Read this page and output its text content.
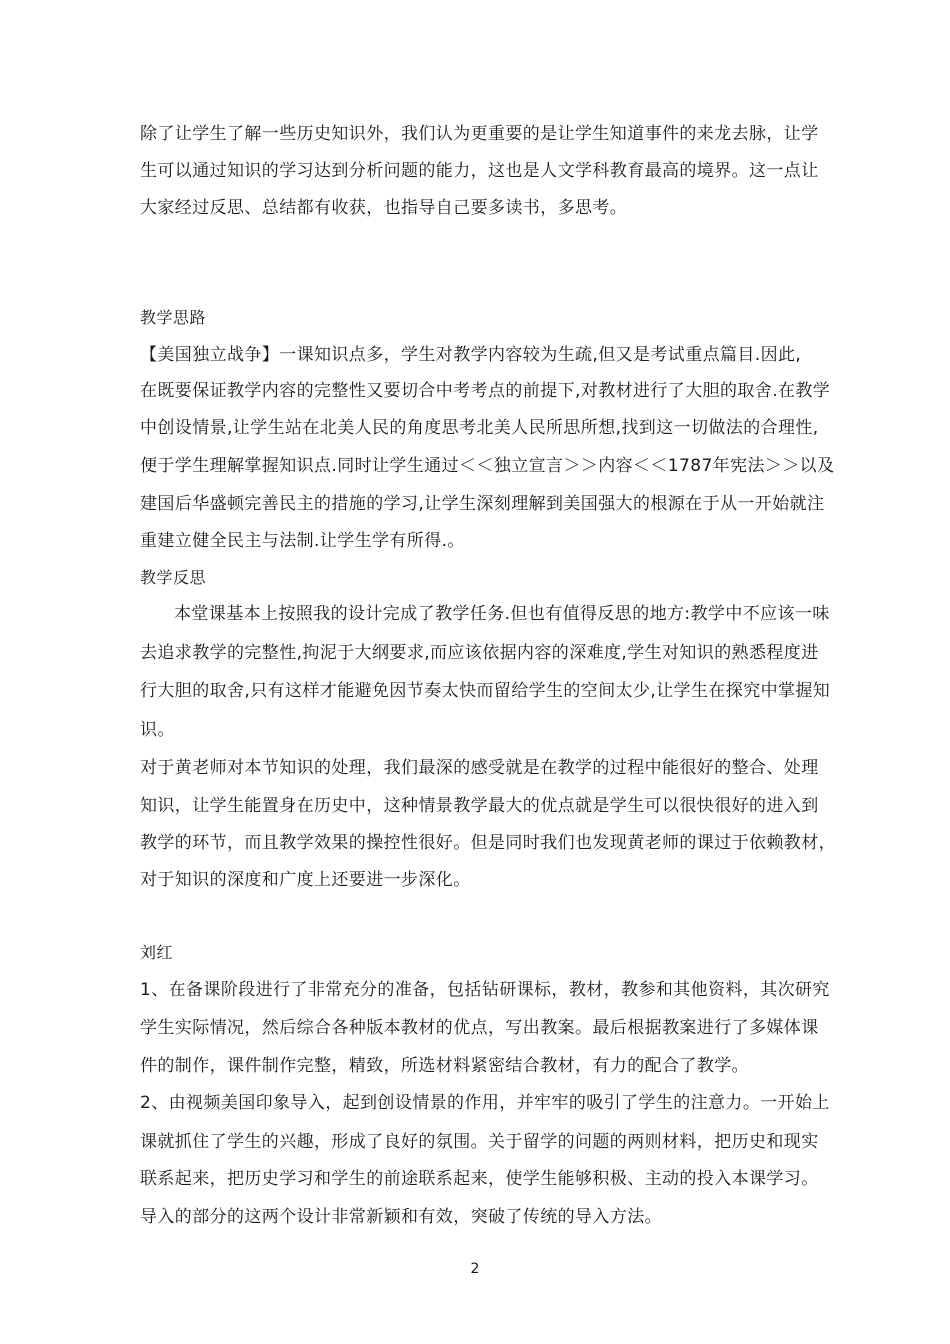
除了让学生了解一些历史知识外，我们认为更重要的是让学生知道事件的来龙去脉，让学
生可以通过知识的学习达到分析问题的能力，这也是人文学科教育最高的境界。这一点让
大家经过反思、总结都有收获，也指导自己要多读书，多思考。
教学思路
【美国独立战争】一课知识点多，学生对教学内容较为生疏,但又是考试重点篇目.因此,
在既要保证教学内容的完整性又要切合中考考点的前提下,对教材进行了大胆的取舍.在教学
中创设情景,让学生站在北美人民的角度思考北美人民所思所想,找到这一切做法的合理性,
便于学生理解掌握知识点.同时让学生通过＜＜独立宣言＞＞内容＜＜1787年宪法＞＞以及
建国后华盛顿完善民主的措施的学习,让学生深刻理解到美国强大的根源在于从一开始就注
重建立健全民主与法制.让学生学有所得.。
教学反思
本堂课基本上按照我的设计完成了教学任务.但也有值得反思的地方:教学中不应该一味
去追求教学的完整性,拘泥于大纲要求,而应该依据内容的深难度,学生对知识的熟悉程度进
行大胆的取舍,只有这样才能避免因节奏太快而留给学生的空间太少,让学生在探究中掌握知
识。
对于黄老师对本节知识的处理，我们最深的感受就是在教学的过程中能很好的整合、处理
知识，让学生能置身在历史中，这种情景教学最大的优点就是学生可以很快很好的进入到
教学的环节，而且教学效果的操控性很好。但是同时我们也发现黄老师的课过于依赖教材，
对于知识的深度和广度上还要进一步深化。
刘红
1、在备课阶段进行了非常充分的准备，包括钻研课标，教材，教参和其他资料，其次研究
学生实际情况，然后综合各种版本教材的优点，写出教案。最后根据教案进行了多媒体课
件的制作，课件制作完整，精致，所选材料紧密结合教材，有力的配合了教学。
2、由视频美国印象导入，起到创设情景的作用，并牢牢的吸引了学生的注意力。一开始上
课就抓住了学生的兴趣，形成了良好的氛围。关于留学的问题的两则材料，把历史和现实
联系起来，把历史学习和学生的前途联系起来，使学生能够积极、主动的投入本课学习。
导入的部分的这两个设计非常新颖和有效，突破了传统的导入方法。
2
